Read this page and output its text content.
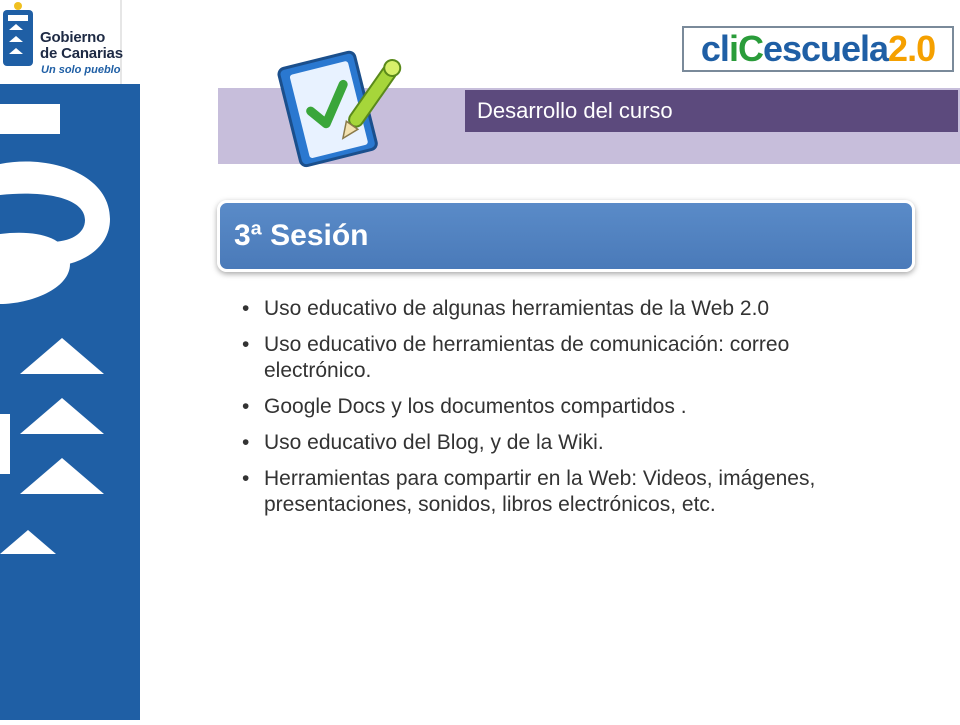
Gobierno
de Canarias
Un solo pueblo
cl iC escuela 2.0
Desarrollo del curso
3ª Sesión
• Uso educativo de algunas herramientas de la Web 2.0
• Uso educativo de herramientas de comunicación: correo electrónico.
• Google Docs y los documentos compartidos .
• Uso educativo del Blog, y de la Wiki.
• Herramientas para compartir en la Web: Videos, imágenes, presentaciones, sonidos, libros electrónicos, etc.
